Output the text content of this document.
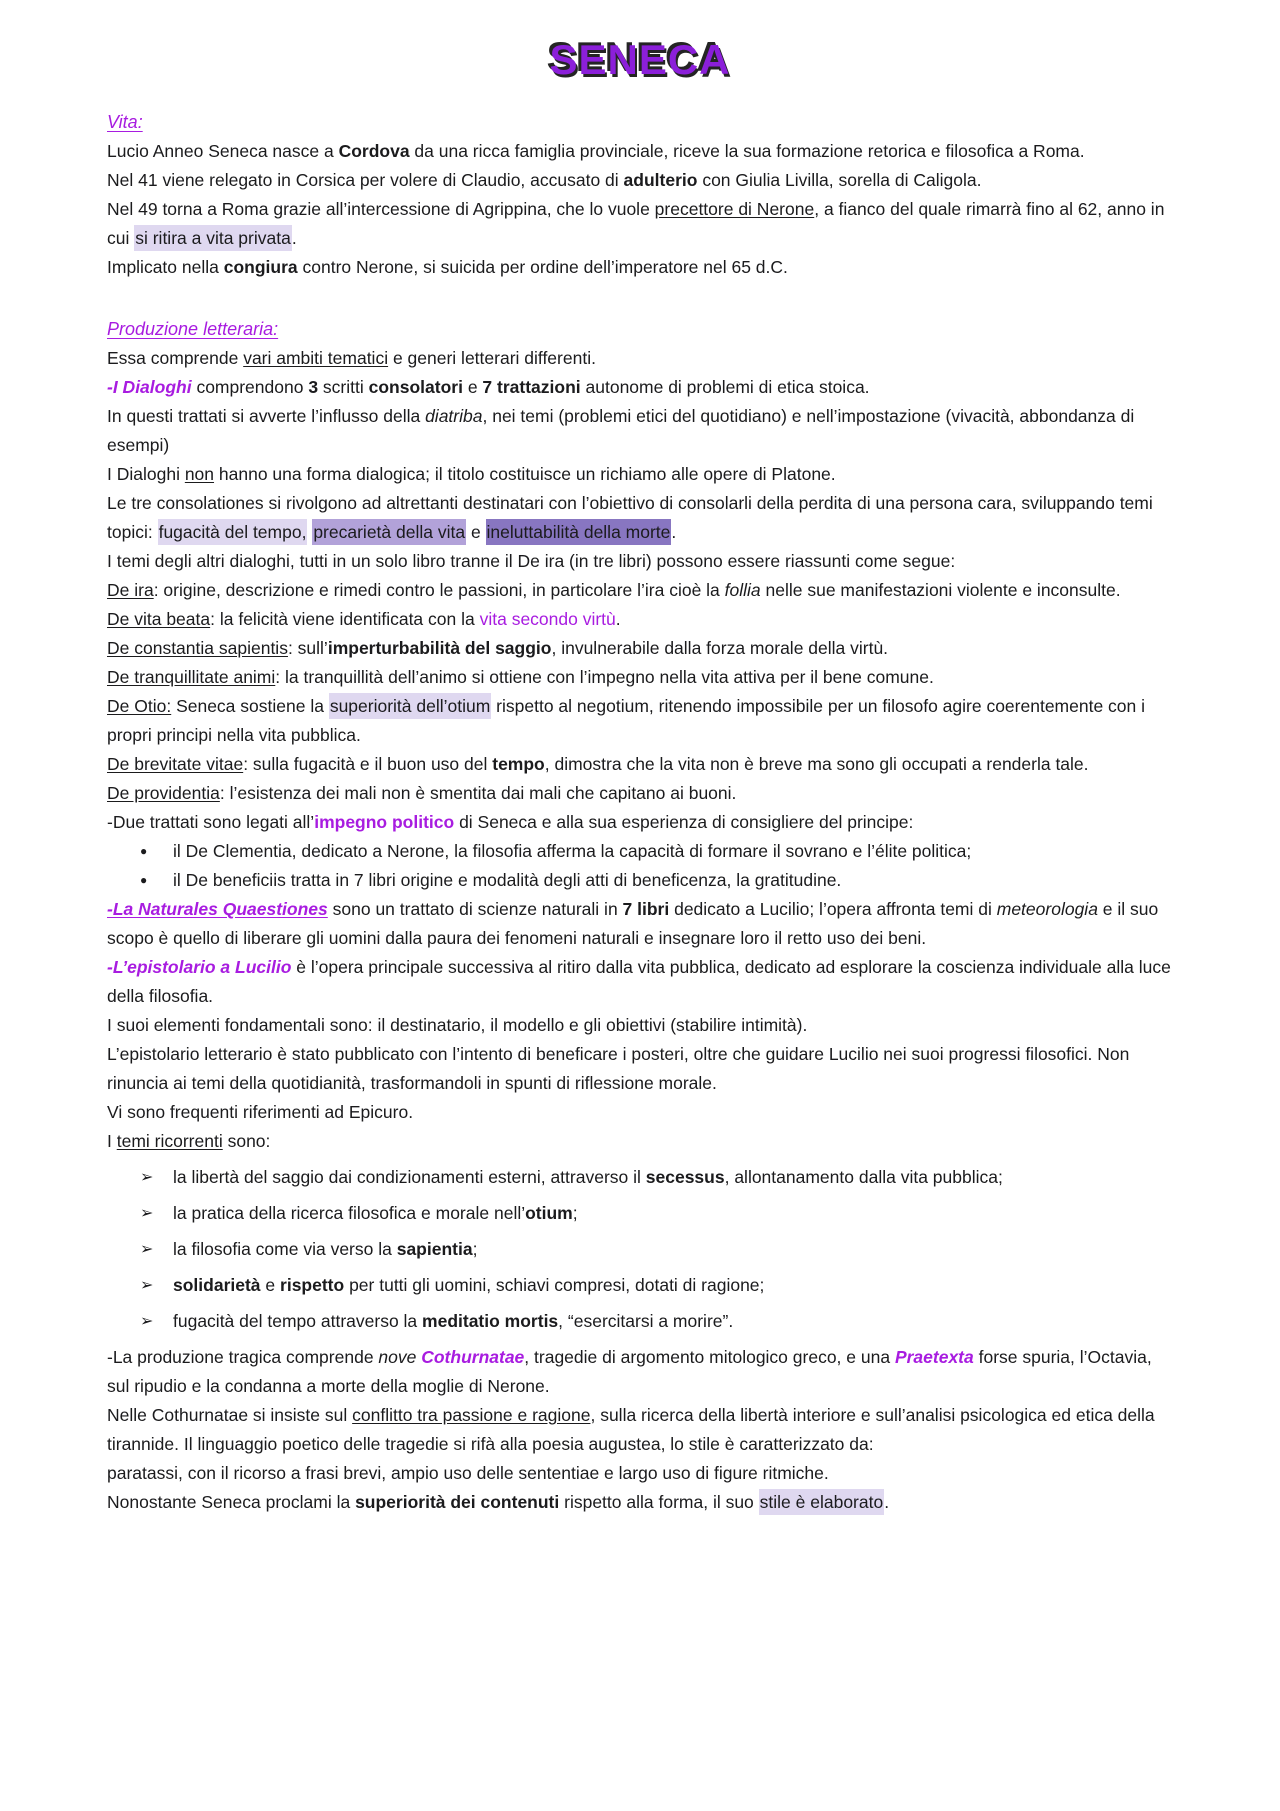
SENECA
Vita:
Lucio Anneo Seneca nasce a Cordova da una ricca famiglia provinciale, riceve la sua formazione retorica e filosofica a Roma.
Nel 41 viene relegato in Corsica per volere di Claudio, accusato di adulterio con Giulia Livilla, sorella di Caligola.
Nel 49 torna a Roma grazie all’intercessione di Agrippina, che lo vuole precettore di Nerone, a fianco del quale rimarrà fino al 62, anno in cui si ritira a vita privata.
Implicato nella congiura contro Nerone, si suicida per ordine dell’imperatore nel 65 d.C.
Produzione letteraria:
Essa comprende vari ambiti tematici e generi letterari differenti.
-I Dialoghi comprendono 3 scritti consolatori e 7 trattazioni autonome di problemi di etica stoica.
In questi trattati si avverte l’influsso della diatriba, nei temi (problemi etici del quotidiano) e nell’impostazione (vivacità, abbondanza di esempi)
I Dialoghi non hanno una forma dialogica; il titolo costituisce un richiamo alle opere di Platone.
Le tre consolationes si rivolgono ad altrettanti destinatari con l’obiettivo di consolarli della perdita di una persona cara, sviluppando temi topici: fugacità del tempo, precarietà della vita e ineluttabilità della morte.
I temi degli altri dialoghi, tutti in un solo libro tranne il De ira (in tre libri) possono essere riassunti come segue:
De ira: origine, descrizione e rimedi contro le passioni, in particolare l’ira cioè la follia nelle sue manifestazioni violente e inconsulte.
De vita beata: la felicità viene identificata con la vita secondo virtù.
De constantia sapientis: sull’imperturbabilità del saggio, invulnerabile dalla forza morale della virtù.
De tranquillitate animi: la tranquillità dell’animo si ottiene con l’impegno nella vita attiva per il bene comune.
De Otio: Seneca sostiene la superiorità dell’otium rispetto al negotium, ritenendo impossibile per un filosofo agire coerentemente con i propri principi nella vita pubblica.
De brevitate vitae: sulla fugacità e il buon uso del tempo, dimostra che la vita non è breve ma sono gli occupati a renderla tale.
De providentia: l’esistenza dei mali non è smentita dai mali che capitano ai buoni.
-Due trattati sono legati all’impegno politico di Seneca e alla sua esperienza di consigliere del principe:
●	il De Clementia, dedicato a Nerone, la filosofia afferma la capacità di formare il sovrano e l’élite politica;
●	il De beneficiis tratta in 7 libri origine e modalità degli atti di beneficenza, la gratitudine.
-La Naturales Quaestiones sono un trattato di scienze naturali in 7 libri dedicato a Lucilio; l’opera affronta temi di meteorologia e il suo scopo è quello di liberare gli uomini dalla paura dei fenomeni naturali e insegnare loro il retto uso dei beni.
-L’epistolario a Lucilio è l’opera principale successiva al ritiro dalla vita pubblica, dedicato ad esplorare la coscienza individuale alla luce della filosofia.
I suoi elementi fondamentali sono: il destinatario, il modello e gli obiettivi (stabilire intimità).
L’epistolario letterario è stato pubblicato con l’intento di beneficare i posteri, oltre che guidare Lucilio nei suoi progressi filosofici. Non rinuncia ai temi della quotidianità, trasformandoli in spunti di riflessione morale.
Vi sono frequenti riferimenti ad Epicuro.
I temi ricorrenti sono:
➢	la libertà del saggio dai condizionamenti esterni, attraverso il secessus, allontanamento dalla vita pubblica;
➢	la pratica della ricerca filosofica e morale nell’otium;
➢	la filosofia come via verso la sapientia;
➢	solidarietà e rispetto per tutti gli uomini, schiavi compresi, dotati di ragione;
➢	fugacità del tempo attraverso la meditatio mortis, “esercitarsi a morire”.
-La produzione tragica comprende nove Cothurnatae, tragedie di argomento mitologico greco, e una Praetexta forse spuria, l’Octavia, sul ripudio e la condanna a morte della moglie di Nerone.
Nelle Cothurnatae si insiste sul conflitto tra passione e ragione, sulla ricerca della libertà interiore e sull’analisi psicologica ed etica della tirannide. Il linguaggio poetico delle tragedie si rifà alla poesia augustea, lo stile è caratterizzato da:
paratassi, con il ricorso a frasi brevi, ampio uso delle sententiae e largo uso di figure ritmiche.
Nonostante Seneca proclami la superiorità dei contenuti rispetto alla forma, il suo stile è elaborato.
